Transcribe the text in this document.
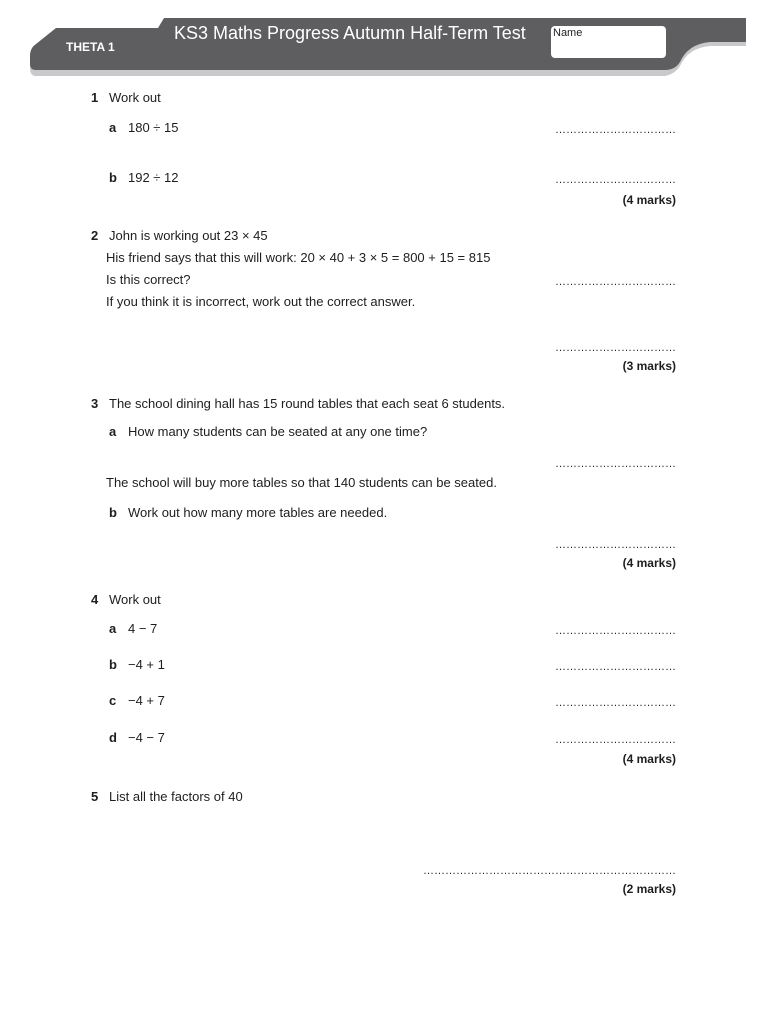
THETA 1
KS3 Maths Progress Autumn Half-Term Test Name
1 Work out
a 180 ÷ 15	……………………………
b 192 ÷ 12	……………………………
(4 marks)
2 John is working out 23 × 45
His friend says that this will work: 20 × 40 + 3 × 5 = 800 + 15 = 815
Is this correct?	……………………………
If you think it is incorrect, work out the correct answer.
……………………………
(3 marks)
3 The school dining hall has 15 round tables that each seat 6 students.
a How many students can be seated at any one time?
……………………………
The school will buy more tables so that 140 students can be seated.
b Work out how many more tables are needed.
……………………………
(4 marks)
4 Work out
a 4 − 7	……………………………
b −4 + 1	……………………………
c −4 + 7	……………………………
d −4 − 7	……………………………
(4 marks)
5 List all the factors of 40
……………………………………………………………
(2 marks)
